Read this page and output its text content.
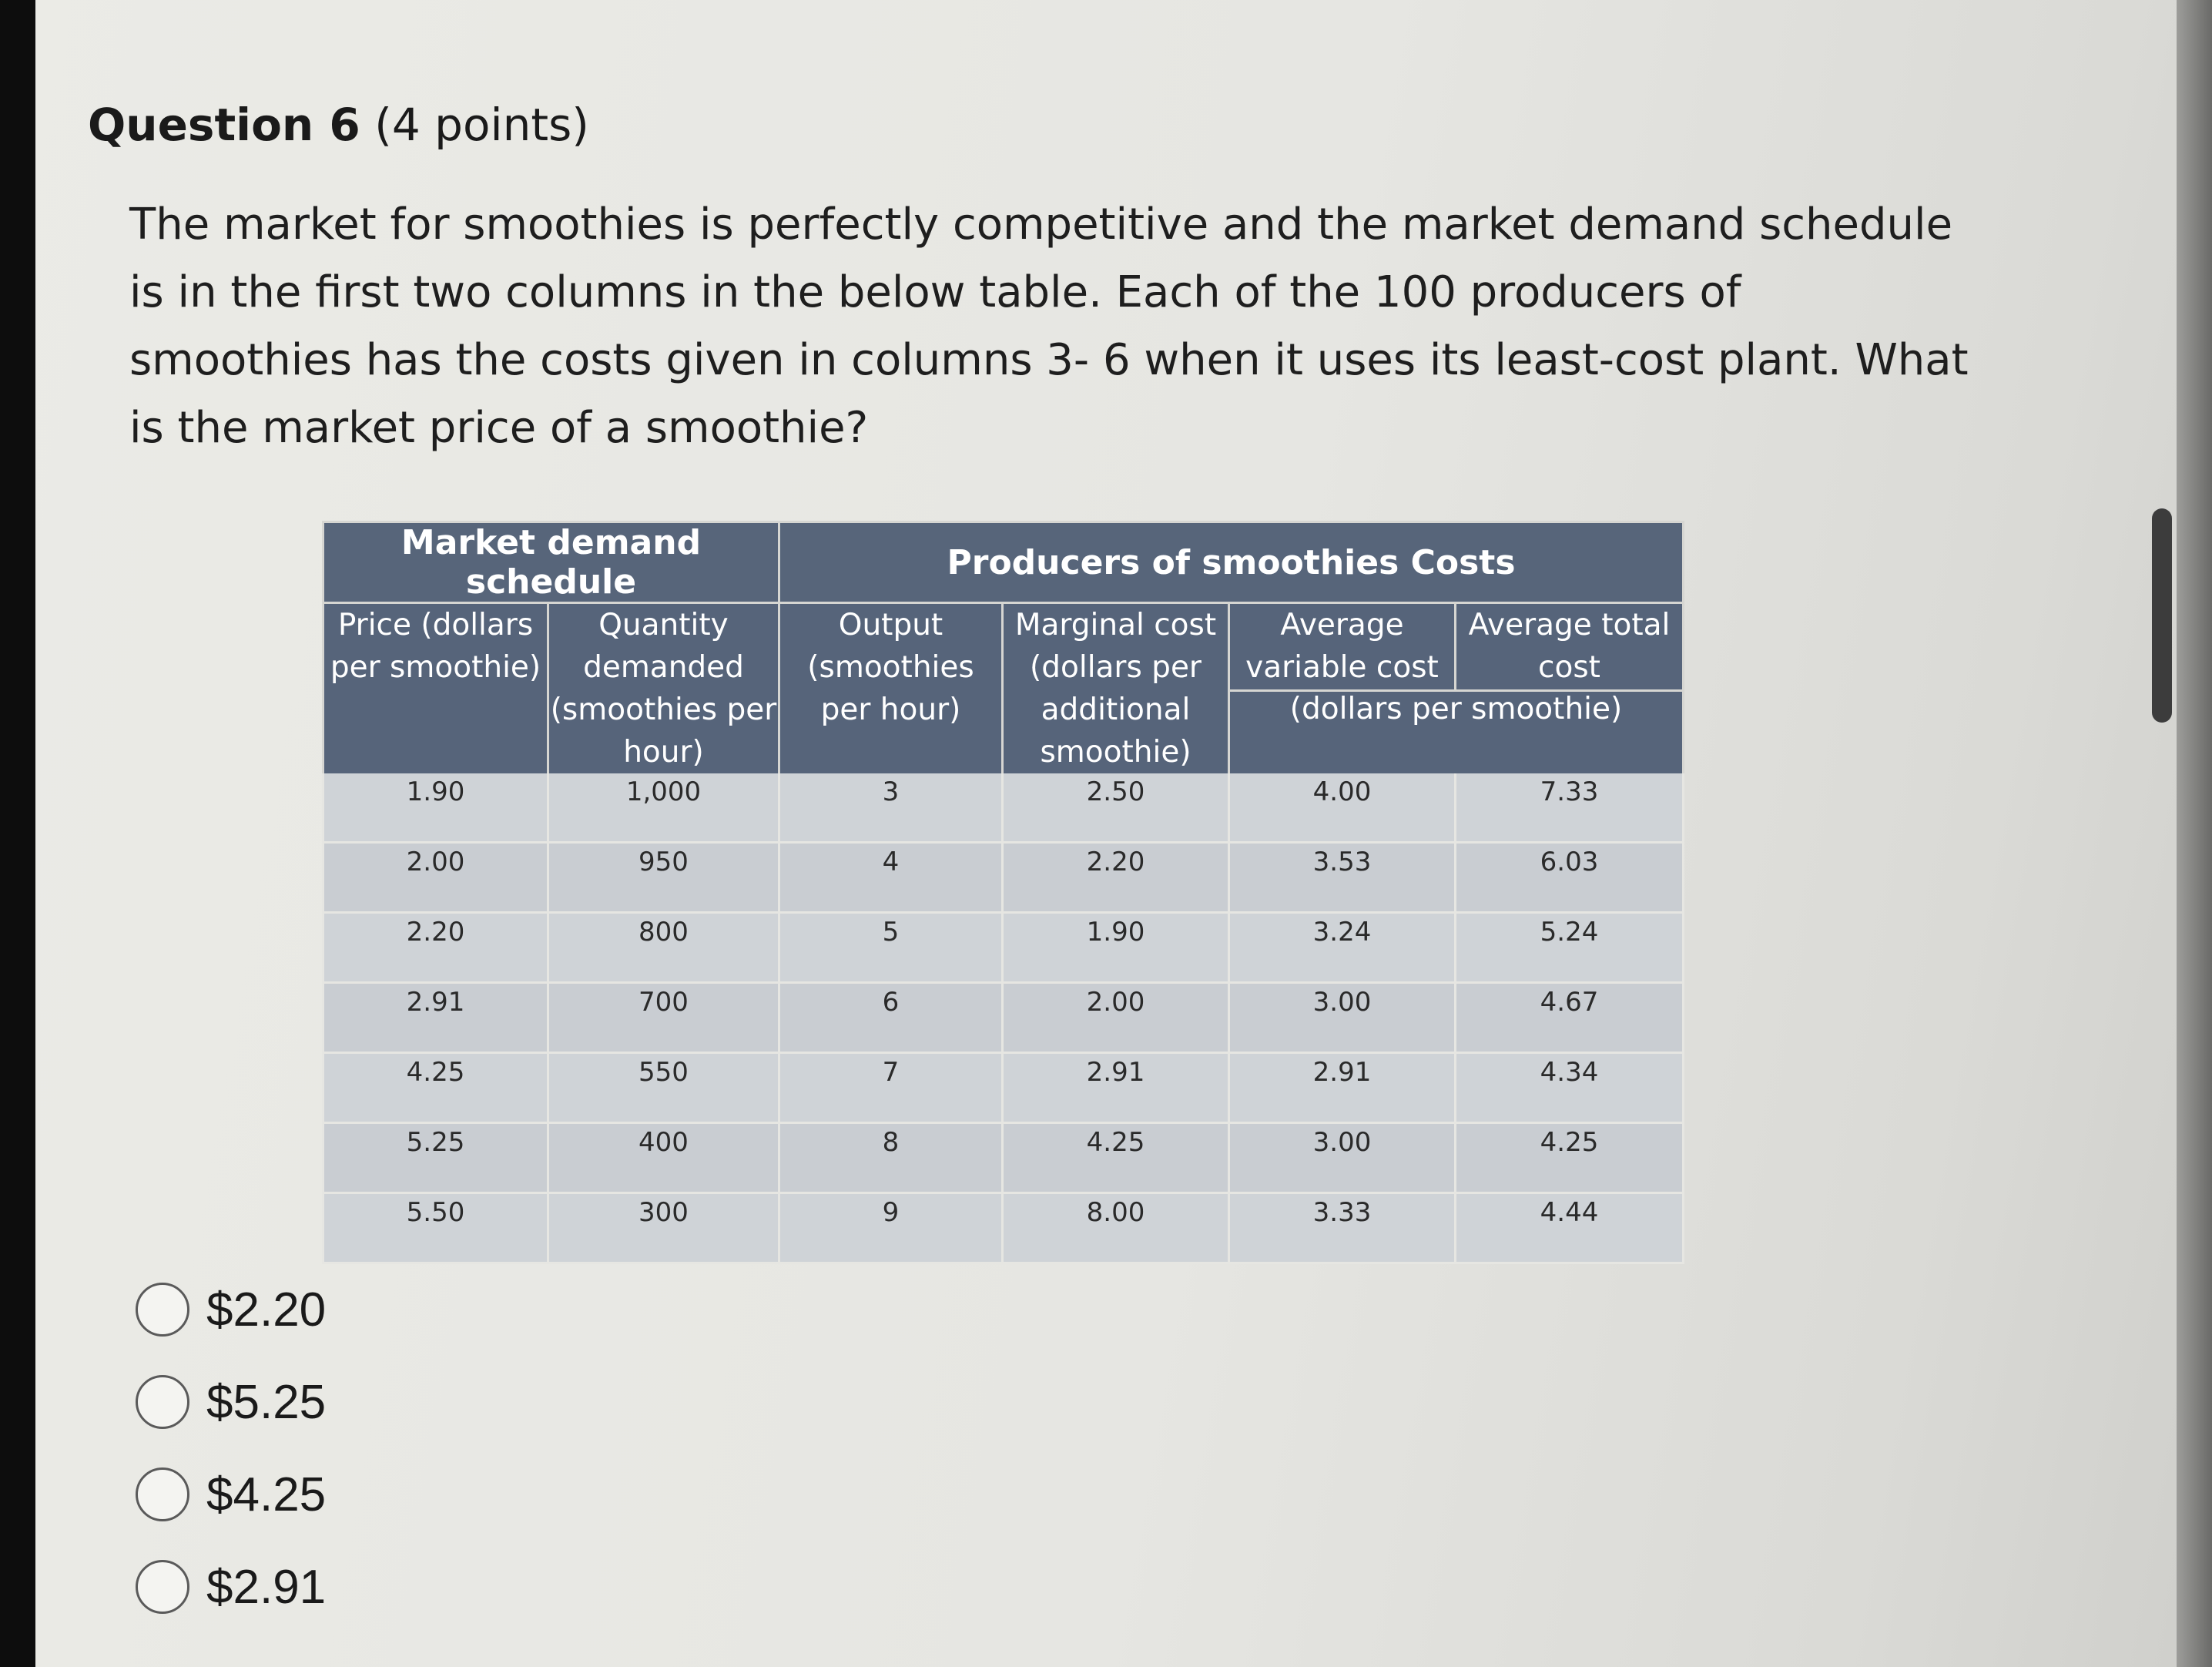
Question 6 (4 points)

The market for smoothies is perfectly competitive and the market demand schedule

is in the first two columns in the below table. Each of the 100 producers of

smoothies has the costs given in columns 3- 6 when it uses its least-cost plant. What

is the market price of a smoothie?

Market demand schedule		Producers of smoothies Costs			
Price (dollars per smoothie)	Quantity demanded (smoothies per hour)	Output (smoothies per hour)	Marginal cost (dollars per additional smoothie)	Average variable cost	Average total cost
				(dollars per smoothie)	
1.90	1,000	3	2.50	4.00	7.33
2.00	950	4	2.20	3.53	6.03
2.20	800	5	1.90	3.24	5.24
2.91	700	6	2.00	3.00	4.67
4.25	550	7	2.91	2.91	4.34
5.25	400	8	4.25	3.00	4.25
5.50	300	9	8.00	3.33	4.44
$2.20
$5.25
$4.25
$2.91
